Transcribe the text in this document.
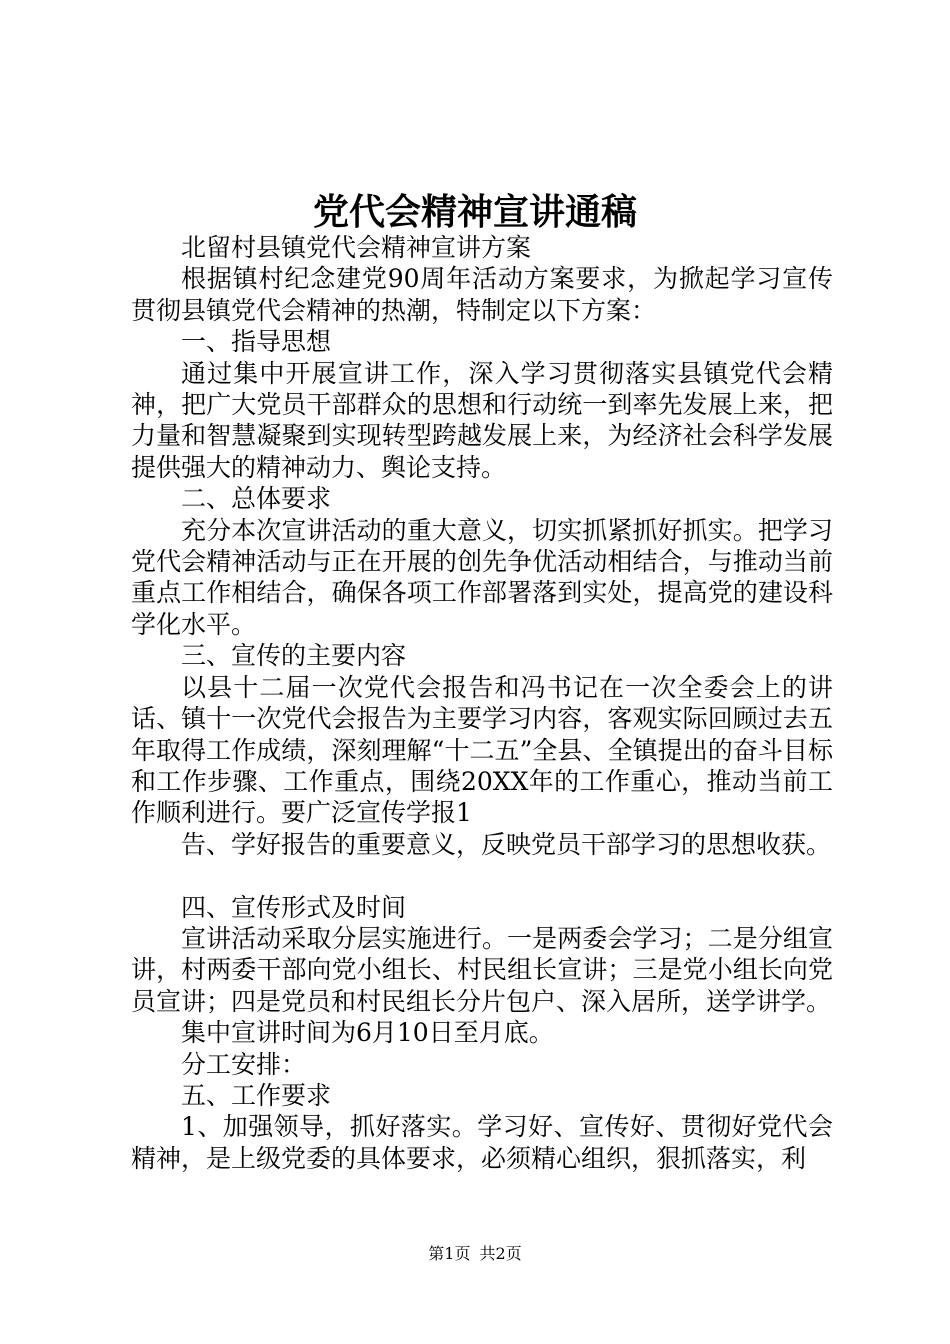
党代会精神宣讲通稿

北留村县镇党代会精神宣讲方案

根据镇村纪念建党90周年活动方案要求，为掀起学习宣传贯彻县镇党代会精神的热潮，特制定以下方案：

一、指导思想

通过集中开展宣讲工作，深入学习贯彻落实县镇党代会精神，把广大党员干部群众的思想和行动统一到率先发展上来，把力量和智慧凝聚到实现转型跨越发展上来，为经济社会科学发展提供强大的精神动力、舆论支持。

二、总体要求

充分本次宣讲活动的重大意义，切实抓紧抓好抓实。把学习党代会精神活动与正在开展的创先争优活动相结合，与推动当前重点工作相结合，确保各项工作部署落到实处，提高党的建设科学化水平。

三、宣传的主要内容

以县十二届一次党代会报告和冯书记在一次全委会上的讲话、镇十一次党代会报告为主要学习内容，客观实际回顾过去五年取得工作成绩，深刻理解“十二五”全县、全镇提出的奋斗目标和工作步骤、工作重点，围绕20XX年的工作重心，推动当前工作顺利进行。要广泛宣传学报1

告、学好报告的重要意义，反映党员干部学习的思想收获。

四、宣传形式及时间

宣讲活动采取分层实施进行。一是两委会学习；二是分组宣讲，村两委干部向党小组长、村民组长宣讲；三是党小组长向党员宣讲；四是党员和村民组长分片包户、深入居所，送学讲学。

集中宣讲时间为6月10日至月底。

分工安排：

五、工作要求

1、加强领导，抓好落实。学习好、宣传好、贯彻好党代会精神，是上级党委的具体要求，必须精心组织，狠抓落实，利

第1页 共2页
